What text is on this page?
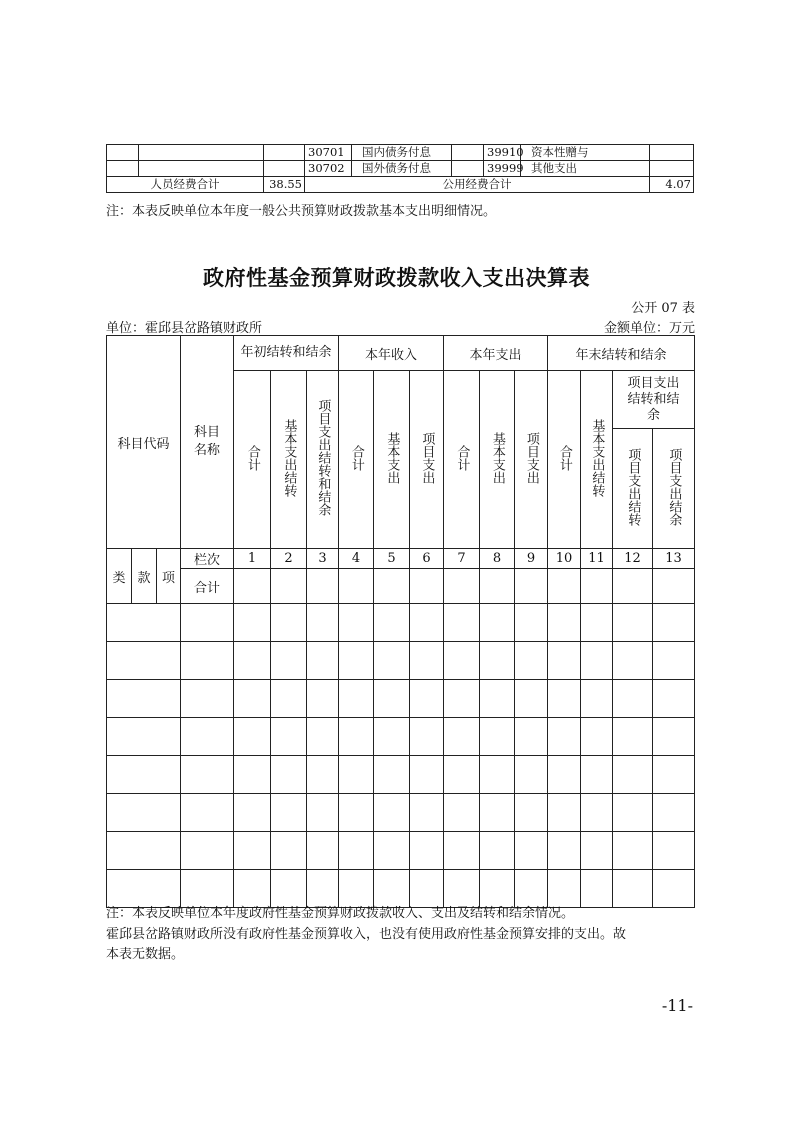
			30701	国内债务付息		39910	资本性赠与	
			30702	国外债务付息		39999	其他支出	
人员经费合计		38.55	公用经费合计					4.07
注：本表反映单位本年度一般公共预算财政拨款基本支出明细情况。
政府性基金预算财政拨款收入支出决算表
公开 07 表
单位：霍邱县岔路镇财政所	金额单位：万元
科目代码	科目名称	年初结转和结余			本年收入			本年支出			年末结转和结余			
		合计	基本支出结转	项目支出结转和结余	合计	基本支出	项目支出	合计	基本支出	项目支出	合计	基本支出结转	项目支出结转和结余	
													项目支出结转	项目支出结余

类 款 项	栏次	1	2	3	4	5	6	7	8	9	10	11	12	13
	合计													

注：本表反映单位本年度政府性基金预算财政拨款收入、支出及结转和结余情况。
霍邱县岔路镇财政所没有政府性基金预算收入，也没有使用政府性基金预算安排的支出。故
本表无数据。
-11-
